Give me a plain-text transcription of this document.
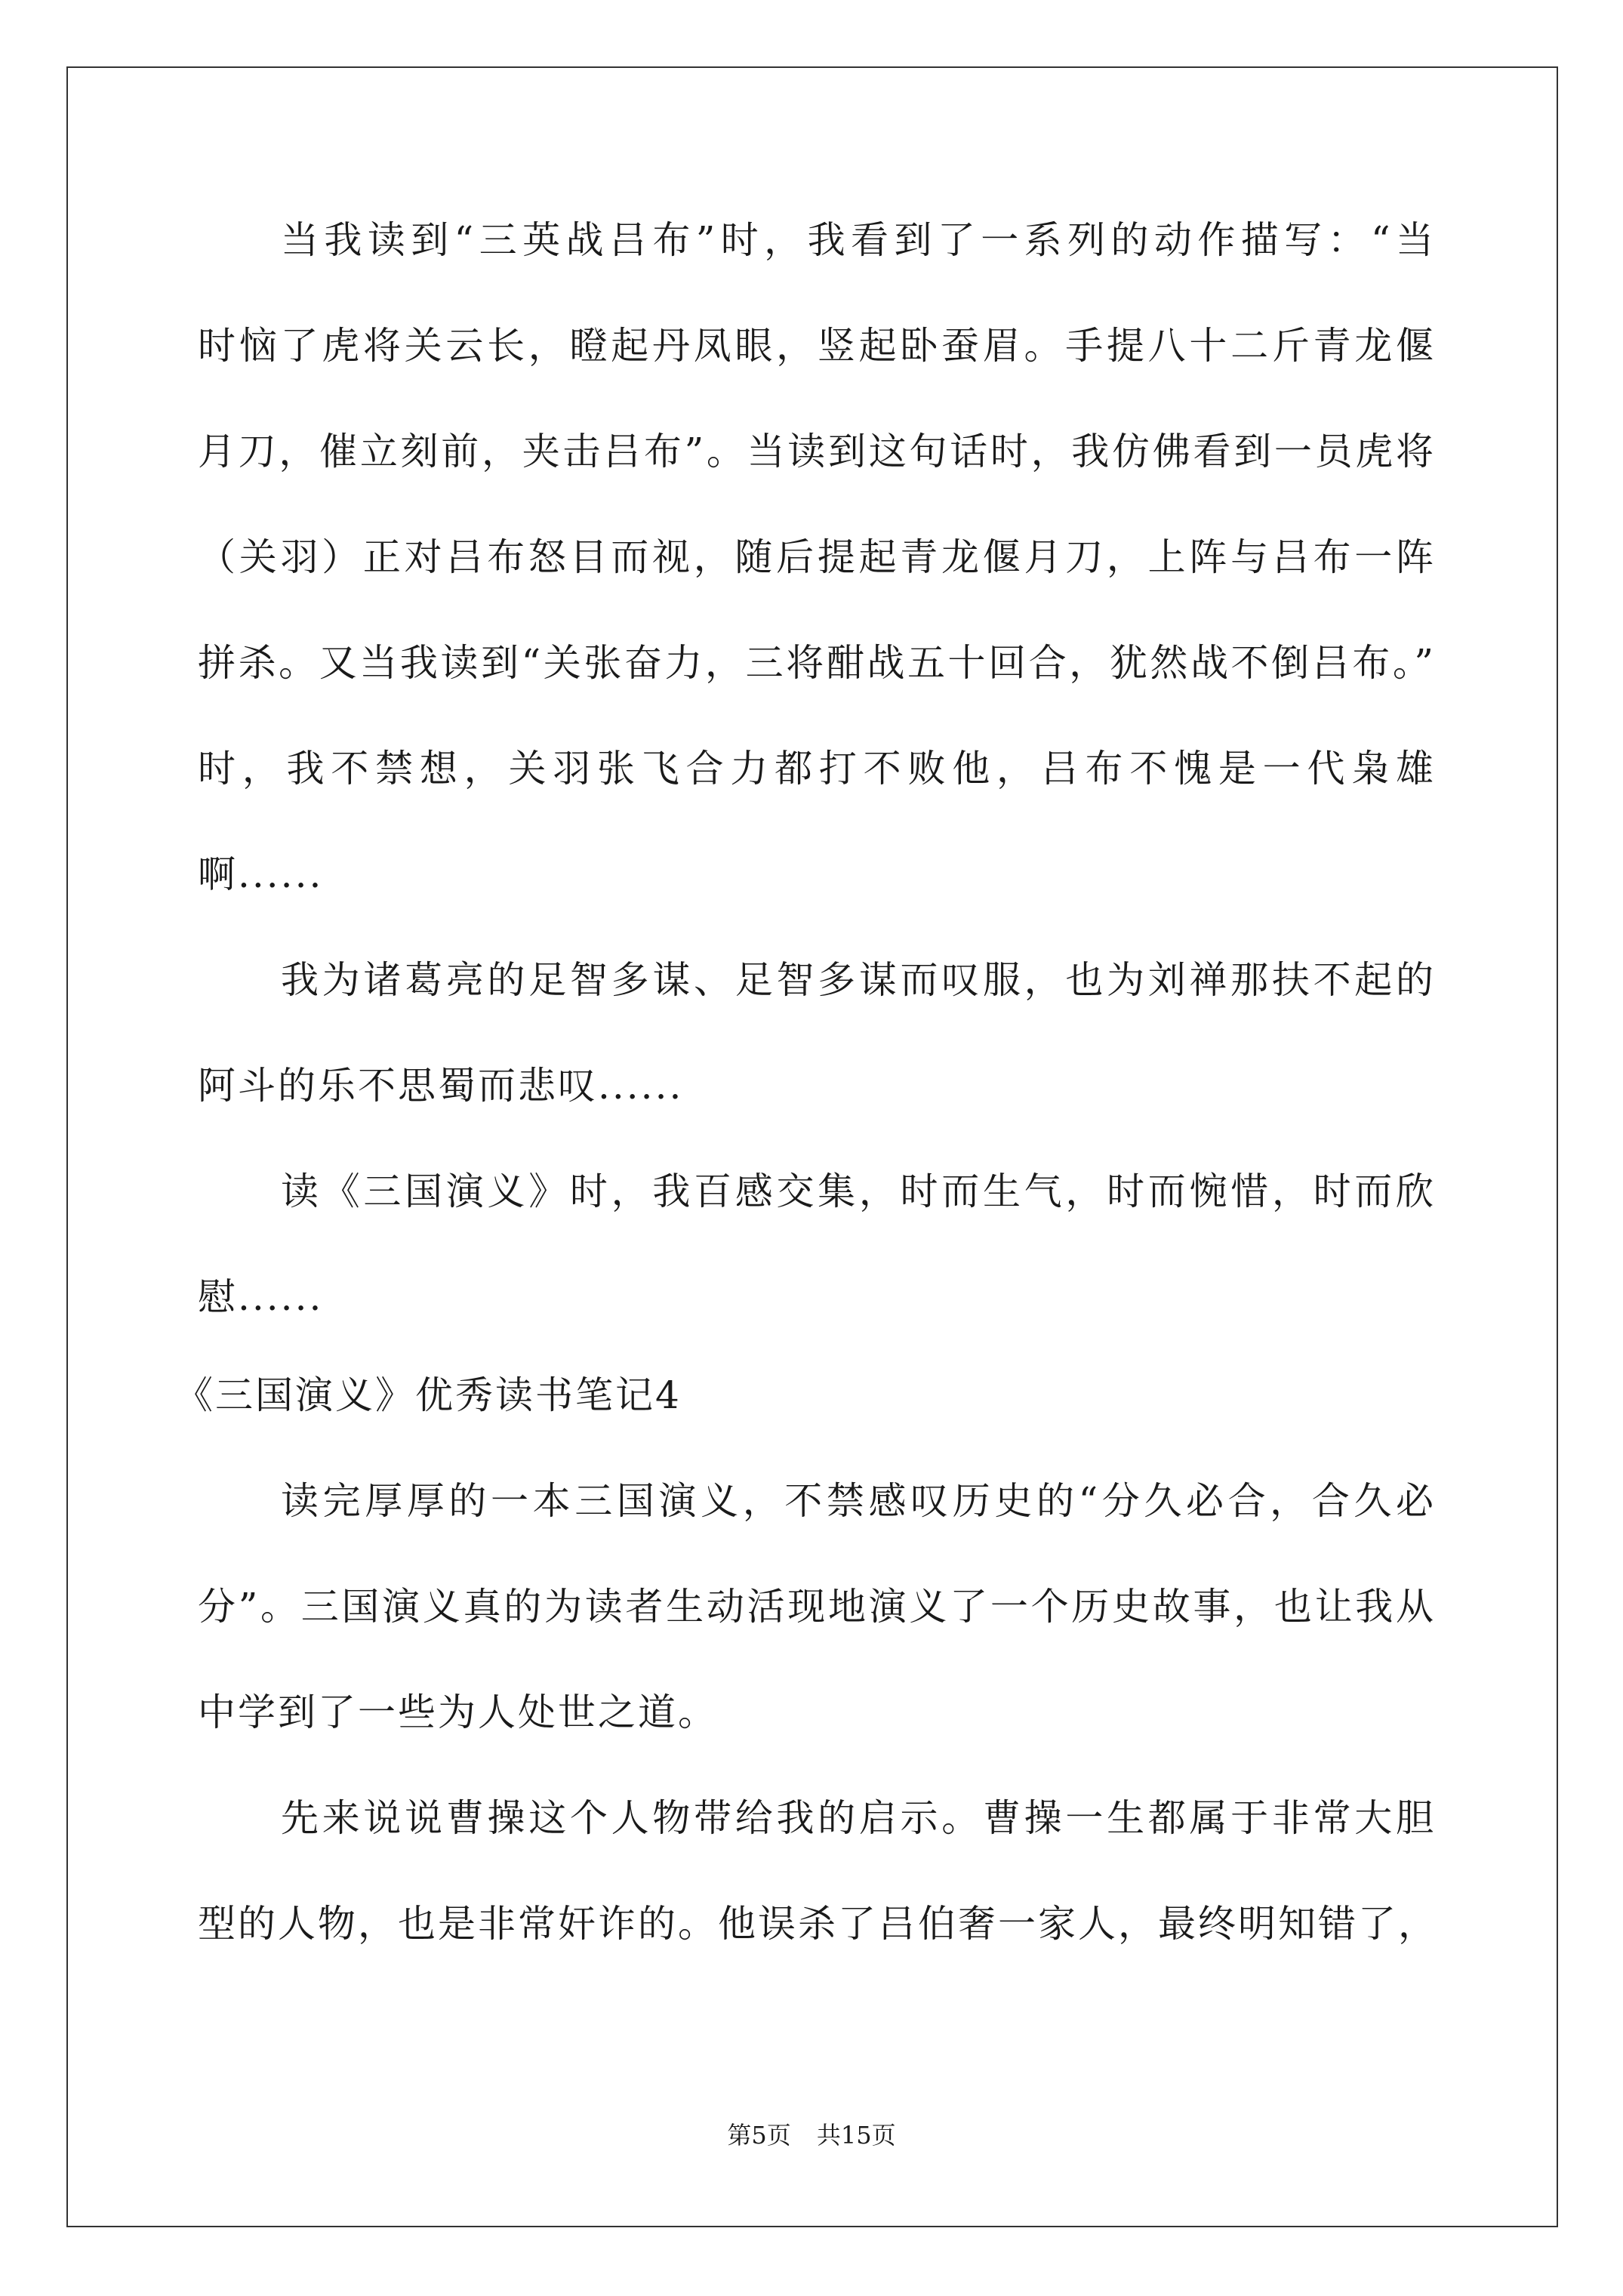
当我读到“三英战吕布”时，我看到了一系列的动作描写：“当
时恼了虎将关云长，瞪起丹凤眼，竖起卧蚕眉。手提八十二斤青龙偃
月刀，催立刻前，夹击吕布”。当读到这句话时，我仿佛看到一员虎将
（关羽）正对吕布怒目而视，随后提起青龙偃月刀，上阵与吕布一阵
拼杀。又当我读到“关张奋力，三将酣战五十回合，犹然战不倒吕布。”
时，我不禁想，关羽张飞合力都打不败他，吕布不愧是一代枭雄
啊......
我为诸葛亮的足智多谋、足智多谋而叹服，也为刘禅那扶不起的
阿斗的乐不思蜀而悲叹......
读《三国演义》时，我百感交集，时而生气，时而惋惜，时而欣
慰......
《三国演义》优秀读书笔记4
读完厚厚的一本三国演义，不禁感叹历史的“分久必合，合久必
分”。三国演义真的为读者生动活现地演义了一个历史故事，也让我从
中学到了一些为人处世之道。
先来说说曹操这个人物带给我的启示。曹操一生都属于非常大胆
型的人物，也是非常奸诈的。他误杀了吕伯奢一家人，最终明知错了，
第5页 共15页
